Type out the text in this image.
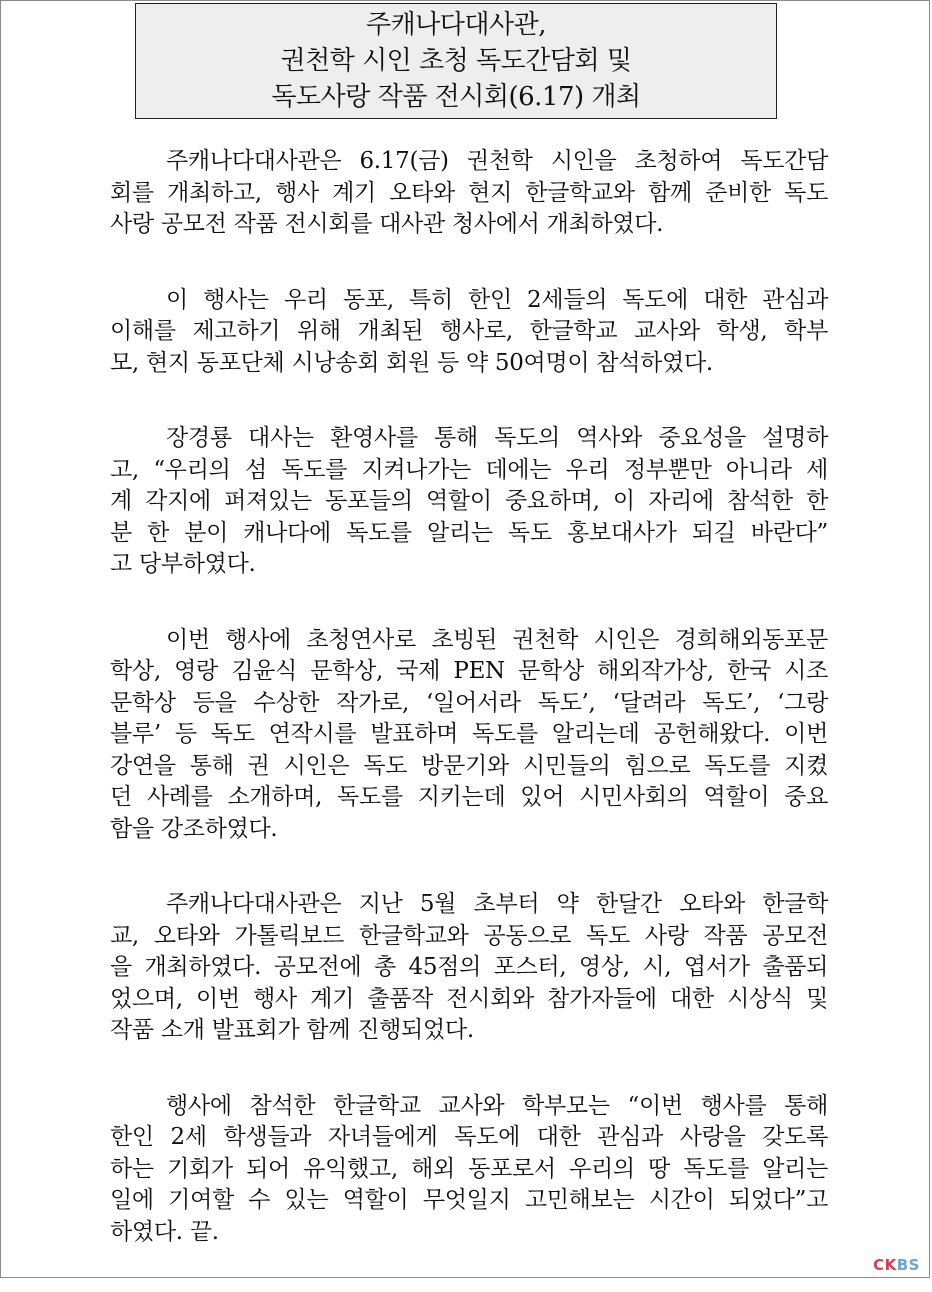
주캐나다대사관,
권천학 시인 초청 독도간담회 및
독도사랑 작품 전시회(6.17) 개최
주캐나다대사관은 6.17(금) 권천학 시인을 초청하여 독도간담
회를 개최하고, 행사 계기 오타와 현지 한글학교와 함께 준비한 독도
사랑 공모전 작품 전시회를 대사관 청사에서 개최하였다.
이 행사는 우리 동포, 특히 한인 2세들의 독도에 대한 관심과
이해를 제고하기 위해 개최된 행사로, 한글학교 교사와 학생, 학부
모, 현지 동포단체 시낭송회 회원 등 약 50여명이 참석하였다.
장경룡 대사는 환영사를 통해 독도의 역사와 중요성을 설명하
고, “우리의 섬 독도를 지켜나가는 데에는 우리 정부뿐만 아니라 세
계 각지에 퍼져있는 동포들의 역할이 중요하며, 이 자리에 참석한 한
분 한 분이 캐나다에 독도를 알리는 독도 홍보대사가 되길 바란다”
고 당부하였다.
이번 행사에 초청연사로 초빙된 권천학 시인은 경희해외동포문
학상, 영랑 김윤식 문학상, 국제 PEN 문학상 해외작가상, 한국 시조
문학상 등을 수상한 작가로, ‘일어서라 독도’, ‘달려라 독도’, ‘그랑
블루’ 등 독도 연작시를 발표하며 독도를 알리는데 공헌해왔다. 이번
강연을 통해 권 시인은 독도 방문기와 시민들의 힘으로 독도를 지켰
던 사례를 소개하며, 독도를 지키는데 있어 시민사회의 역할이 중요
함을 강조하였다.
주캐나다대사관은 지난 5월 초부터 약 한달간 오타와 한글학
교, 오타와 가톨릭보드 한글학교와 공동으로 독도 사랑 작품 공모전
을 개최하였다. 공모전에 총 45점의 포스터, 영상, 시, 엽서가 출품되
었으며, 이번 행사 계기 출품작 전시회와 참가자들에 대한 시상식 및
작품 소개 발표회가 함께 진행되었다.
행사에 참석한 한글학교 교사와 학부모는 “이번 행사를 통해
한인 2세 학생들과 자녀들에게 독도에 대한 관심과 사랑을 갖도록
하는 기회가 되어 유익했고, 해외 동포로서 우리의 땅 독도를 알리는
일에 기여할 수 있는 역할이 무엇일지 고민해보는 시간이 되었다”고
하였다. 끝.
CKBS
